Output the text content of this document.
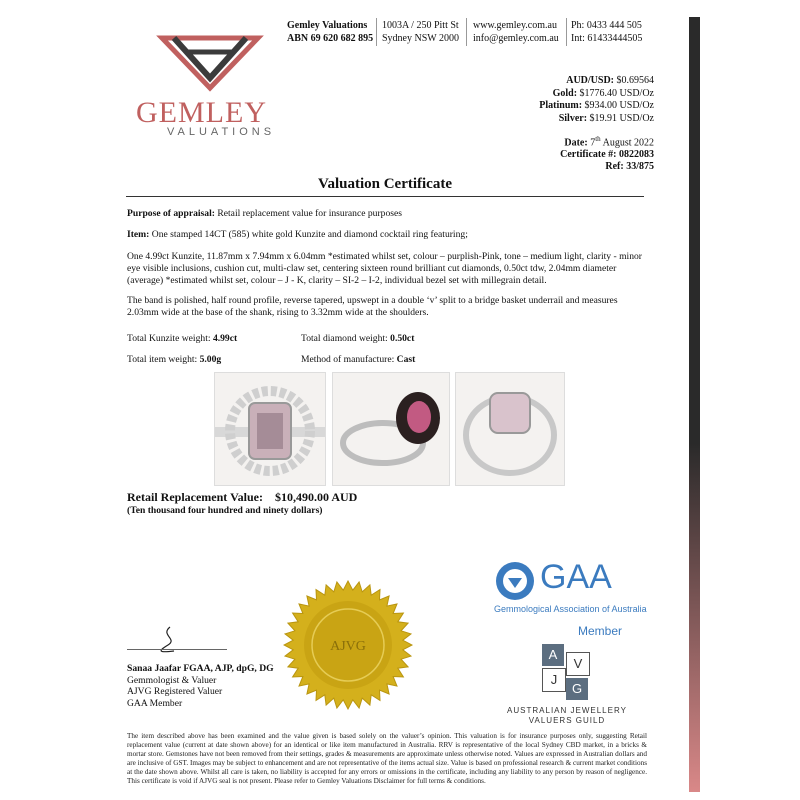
GEMLEY
VALUATIONS
Gemley Valuations
ABN 69 620 682 895
1003A / 250 Pitt St
Sydney NSW 2000
www.gemley.com.au
info@gemley.com.au
Ph: 0433 444 505
Int: 61433444505
AUD/USD: $0.69564
Gold: $1776.40 USD/Oz
Platinum: $934.00 USD/Oz
Silver: $19.91 USD/Oz
Date: 7th August 2022
Certificate #: 0822083
Ref: 33/875
Valuation Certificate
Purpose of appraisal: Retail replacement value for insurance purposes
Item: One stamped 14CT (585) white gold Kunzite and diamond cocktail ring featuring;
One 4.99ct Kunzite, 11.87mm x 7.94mm x 6.04mm *estimated whilst set, colour – purplish-Pink, tone – medium light, clarity - minor eye visible inclusions, cushion cut, multi-claw set, centering sixteen round brilliant cut diamonds, 0.50ct tdw, 2.04mm diameter (average) *estimated whilst set, colour – J - K, clarity – SI-2 – I-2, individual bezel set with millegrain detail.
The band is polished, half round profile, reverse tapered, upswept in a double ‘v’ split to a bridge basket underrail and measures 2.03mm wide at the base of the shank, rising to 3.32mm wide at the shoulders.
Total Kunzite weight: 4.99ct	Total diamond weight: 0.50ct
Total item weight: 5.00g	Method of manufacture: Cast
Retail Replacement Value: $10,490.00 AUD
(Ten thousand four hundred and ninety dollars)
AJVG
Sanaa Jaafar FGAA, AJP, dpG, DG
Gemmologist & Valuer
AJVG Registered Valuer
GAA Member
GAA
Gemmological Association of Australia
Member
A
V
J
G
AUSTRALIAN JEWELLERY
VALUERS GUILD
The item described above has been examined and the value given is based solely on the valuer’s opinion. This valuation is for insurance purposes only, suggesting Retail replacement value (current at date shown above) for an identical or like item manufactured in Australia. RRV is representative of the local Sydney CBD market, in a bricks & mortar store. Gemstones have not been removed from their settings, grades & measurements are approximate unless otherwise noted. Values are expressed in Australian dollars and are inclusive of GST. Images may be subject to enhancement and are not representative of the items actual size. Value is based on professional research & current market conditions at the date shown above. Whilst all care is taken, no liability is accepted for any errors or omissions in the certificate, including any liability to any person by reason of negligence. This certificate is void if AJVG seal is not present. Please refer to Gemley Valuations Disclaimer for full terms & conditions.
